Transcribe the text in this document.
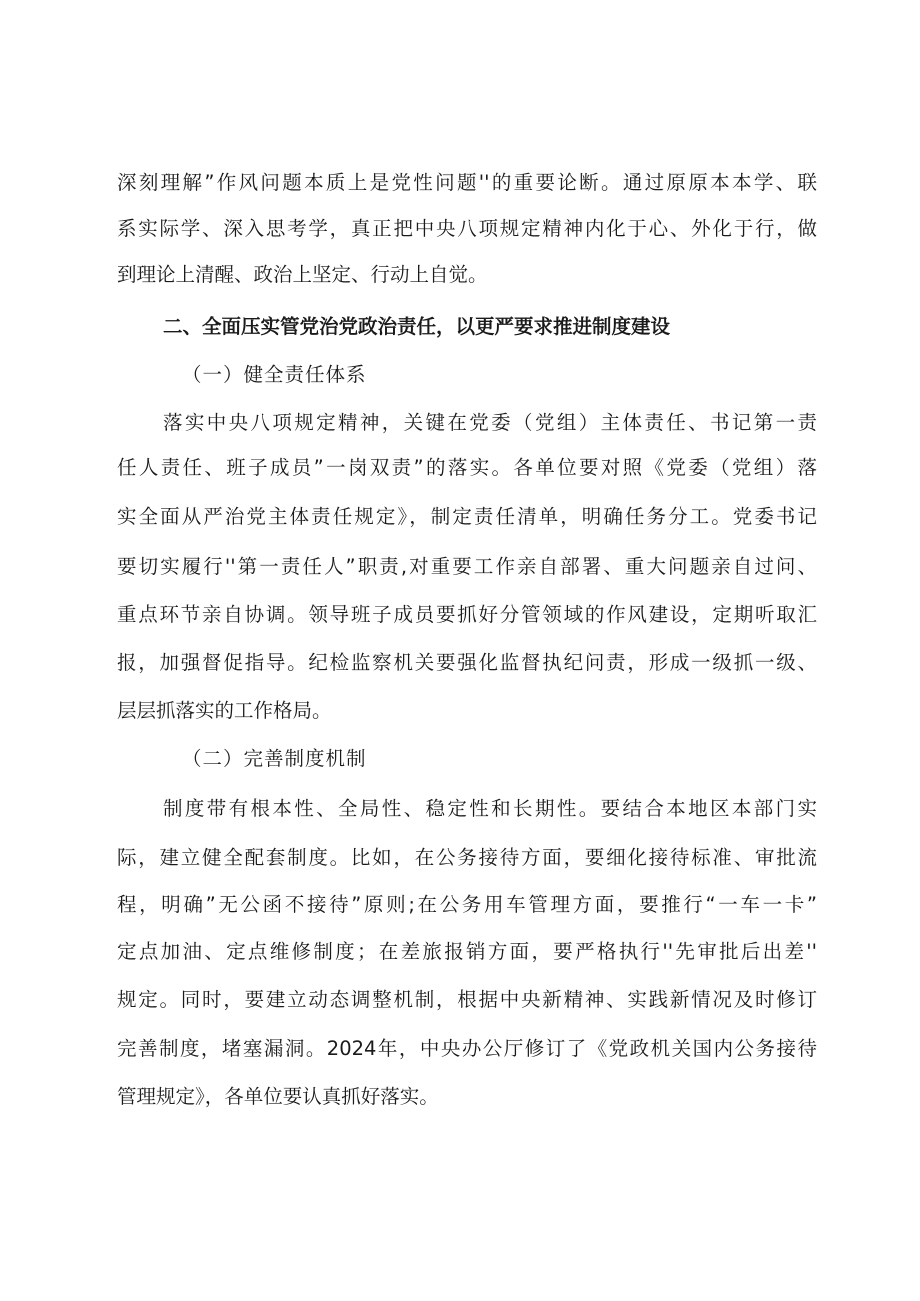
深刻理解”作风问题本质上是党性问题''的重要论断。通过原原本本学、联
系实际学、深入思考学，真正把中央八项规定精神内化于心、外化于行，做
到理论上清醒、政治上坚定、行动上自觉。
二、全面压实管党治党政治责任，以更严要求推进制度建设
（一）健全责任体系
落实中央八项规定精神，关键在党委（党组）主体责任、书记第一责
任人责任、班子成员”一岗双责”的落实。各单位要对照《党委（党组）落
实全面从严治党主体责任规定》，制定责任清单，明确任务分工。党委书记
要切实履行''第一责任人”职责,对重要工作亲自部署、重大问题亲自过问、
重点环节亲自协调。领导班子成员要抓好分管领域的作风建设，定期听取汇
报，加强督促指导。纪检监察机关要强化监督执纪问责，形成一级抓一级、
层层抓落实的工作格局。
（二）完善制度机制
制度带有根本性、全局性、稳定性和长期性。要结合本地区本部门实
际，建立健全配套制度。比如，在公务接待方面，要细化接待标准、审批流
程，明确”无公函不接待”原则;在公务用车管理方面，要推行“一车一卡”
定点加油、定点维修制度；在差旅报销方面，要严格执行''先审批后出差''
规定。同时，要建立动态调整机制，根据中央新精神、实践新情况及时修订
完善制度，堵塞漏洞。2024年，中央办公厅修订了《党政机关国内公务接待
管理规定》，各单位要认真抓好落实。
